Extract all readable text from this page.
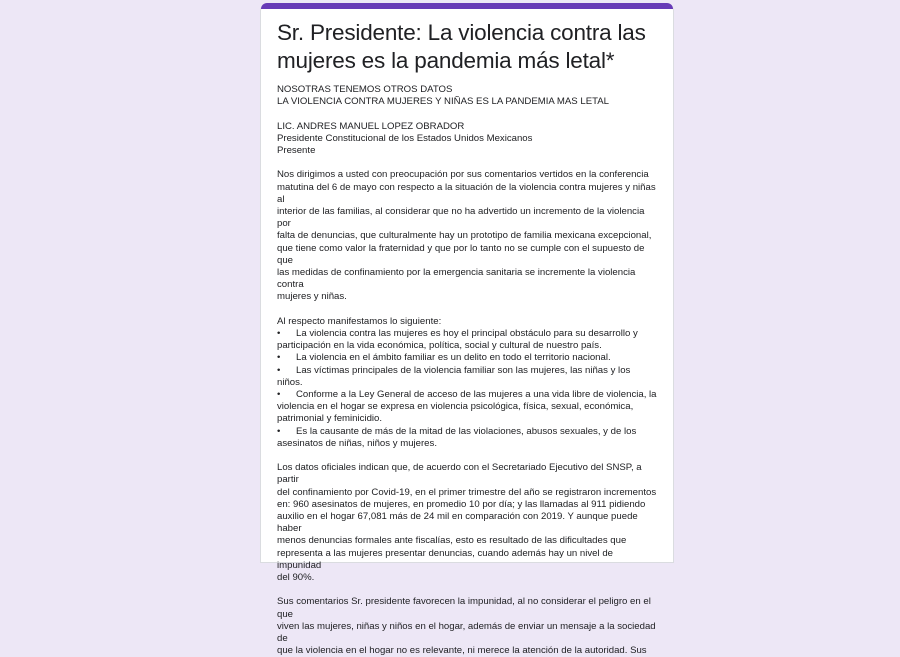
Sr. Presidente: La violencia contra las mujeres es la pandemia más letal*

NOSOTRAS TENEMOS OTROS DATOS

LA VIOLENCIA CONTRA MUJERES Y NIÑAS ES LA PANDEMIA MAS LETAL

LIC. ANDRES MANUEL LOPEZ OBRADOR

Presidente Constitucional de los Estados Unidos Mexicanos

Presente

Nos dirigimos a usted con preocupación por sus comentarios vertidos en la conferencia

matutina del 6 de mayo con respecto a la situación de la violencia contra mujeres y niñas al

interior de las familias, al considerar que no ha advertido un incremento de la violencia por

falta de denuncias, que culturalmente hay un prototipo de familia mexicana excepcional,

que tiene como valor la fraternidad y que por lo tanto no se cumple con el supuesto de que

las medidas de confinamiento por la emergencia sanitaria se incremente la violencia contra

mujeres y niñas.

Al respecto manifestamos lo siguiente:

• La violencia contra las mujeres es hoy el principal obstáculo para su desarrollo y

participación en la vida económica, política, social y cultural de nuestro país.

• La violencia en el ámbito familiar es un delito en todo el territorio nacional.

• Las víctimas principales de la violencia familiar son las mujeres, las niñas y los niños.

• Conforme a la Ley General de acceso de las mujeres a una vida libre de violencia, la

violencia en el hogar se expresa en violencia psicológica, física, sexual, económica,

patrimonial y feminicidio.

• Es la causante de más de la mitad de las violaciones, abusos sexuales, y de los

asesinatos de niñas, niños y mujeres.

Los datos oficiales indican que, de acuerdo con el Secretariado Ejecutivo del SNSP, a partir

del confinamiento por Covid-19, en el primer trimestre del año se registraron incrementos

en: 960 asesinatos de mujeres, en promedio 10 por día; y las llamadas al 911 pidiendo

auxilio en el hogar 67,081 más de 24 mil en comparación con 2019. Y aunque puede haber

menos denuncias formales ante fiscalías, esto es resultado de las dificultades que

representa a las mujeres presentar denuncias, cuando además hay un nivel de impunidad

del 90%.

Sus comentarios Sr. presidente favorecen la impunidad, al no considerar el peligro en el que

viven las mujeres, niñas y niños en el hogar, además de enviar un mensaje a la sociedad de

que la violencia en el hogar no es relevante, ni merece la atención de la autoridad. Sus
